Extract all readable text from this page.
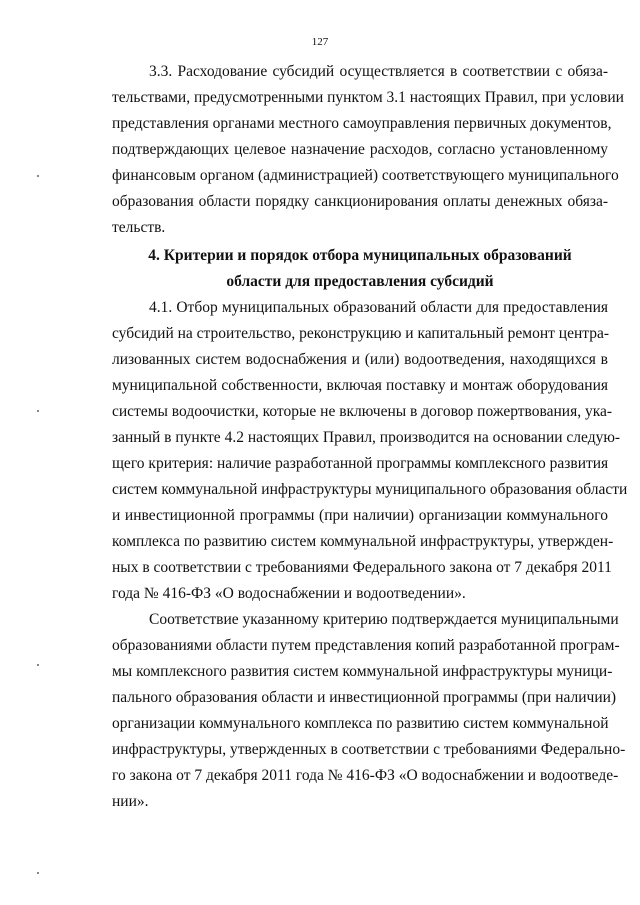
127
3.3. Расходование субсидий осуществляется в соответствии с обяза-
тельствами, предусмотренными пунктом 3.1 настоящих Правил, при условии
представления органами местного самоуправления первичных документов,
подтверждающих целевое назначение расходов, согласно установленному
финансовым органом (администрацией) соответствующего муниципального
образования области порядку санкционирования оплаты денежных обяза-
тельств.
4. Критерии и порядок отбора муниципальных образований
области для предоставления субсидий
4.1. Отбор муниципальных образований области для предоставления
субсидий на строительство, реконструкцию и капитальный ремонт центра-
лизованных систем водоснабжения и (или) водоотведения, находящихся в
муниципальной собственности, включая поставку и монтаж оборудования
системы водоочистки, которые не включены в договор пожертвования, ука-
занный в пункте 4.2 настоящих Правил, производится на основании следую-
щего критерия: наличие разработанной программы комплексного развития
систем коммунальной инфраструктуры муниципального образования области
и инвестиционной программы (при наличии) организации коммунального
комплекса по развитию систем коммунальной инфраструктуры, утвержден-
ных в соответствии с требованиями Федерального закона от 7 декабря 2011
года № 416-ФЗ «О водоснабжении и водоотведении».
Соответствие указанному критерию подтверждается муниципальными
образованиями области путем представления копий разработанной програм-
мы комплексного развития систем коммунальной инфраструктуры муници-
пального образования области и инвестиционной программы (при наличии)
организации коммунального комплекса по развитию систем коммунальной
инфраструктуры, утвержденных в соответствии с требованиями Федерально-
го закона от 7 декабря 2011 года № 416-ФЗ «О водоснабжении и водоотведе-
нии».
